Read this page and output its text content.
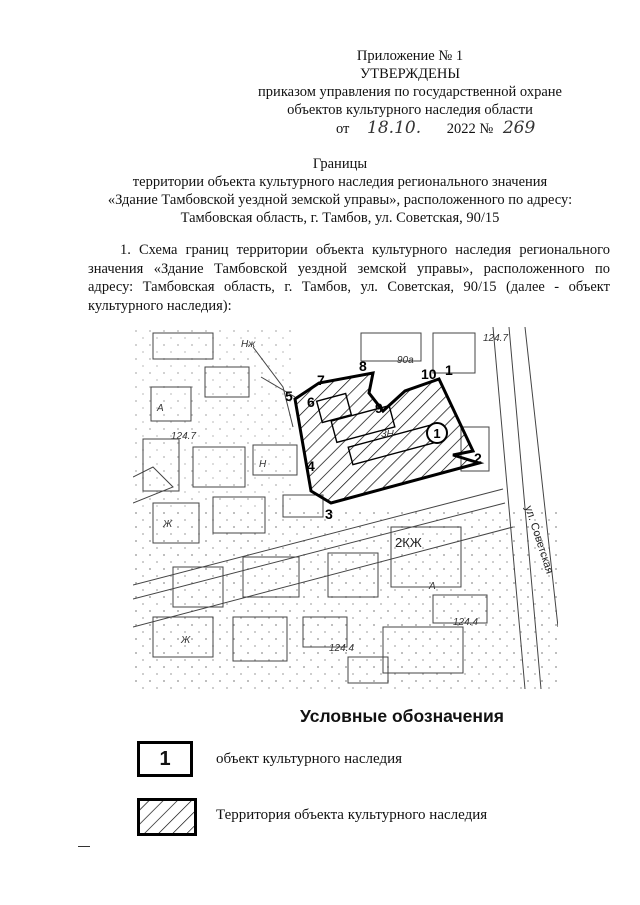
Приложение № 1
УТВЕРЖДЕНЫ
приказом управления по государственной охране
объектов культурного наследия области
от 18.10. 2022 № 269
Границы
территории объекта культурного наследия регионального значения
«Здание Тамбовской уездной земской управы», расположенного по адресу:
Тамбовская область, г. Тамбов, ул. Советская, 90/15
1. Схема границ территории объекта культурного наследия регионального значения «Здание Тамбовской уездной земской управы», расположенного по адресу: Тамбовская область, г. Тамбов, ул. Советская, 90/15 (далее - объект культурного наследия):
1
1
2
3
4
5 6
7
8
9
10
124.7
124.7
124.4
124.4
90а
3Н
Нж
А
А
Ж
Ж
Н
2КЖ	ул. Советская
Условные обозначения
1	объект культурного наследия
Территория объекта культурного наследия
